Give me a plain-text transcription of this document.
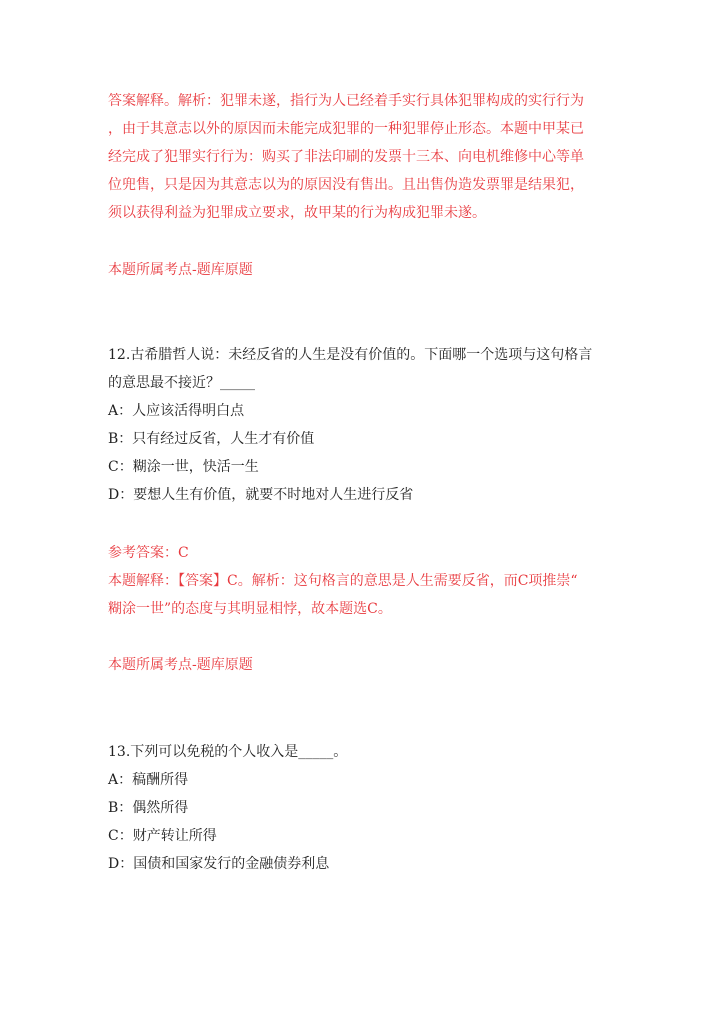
答案解释。解析：犯罪未遂，指行为人已经着手实行具体犯罪构成的实行行为
，由于其意志以外的原因而未能完成犯罪的一种犯罪停止形态。本题中甲某已
经完成了犯罪实行行为：购买了非法印刷的发票十三本、向电机维修中心等单
位兜售，只是因为其意志以为的原因没有售出。且出售伪造发票罪是结果犯，
须以获得利益为犯罪成立要求，故甲某的行为构成犯罪未遂。
本题所属考点-题库原题
12.古希腊哲人说：未经反省的人生是没有价值的。下面哪一个选项与这句格言
的意思最不接近？_____
A：人应该活得明白点
B：只有经过反省，人生才有价值
C：糊涂一世，快活一生
D：要想人生有价值，就要不时地对人生进行反省
参考答案：C
本题解释：【答案】C。解析：这句格言的意思是人生需要反省，而C项推崇“
糊涂一世”的态度与其明显相悖，故本题选C。
本题所属考点-题库原题
13.下列可以免税的个人收入是_____。
A：稿酬所得
B：偶然所得
C：财产转让所得
D：国债和国家发行的金融债券利息
